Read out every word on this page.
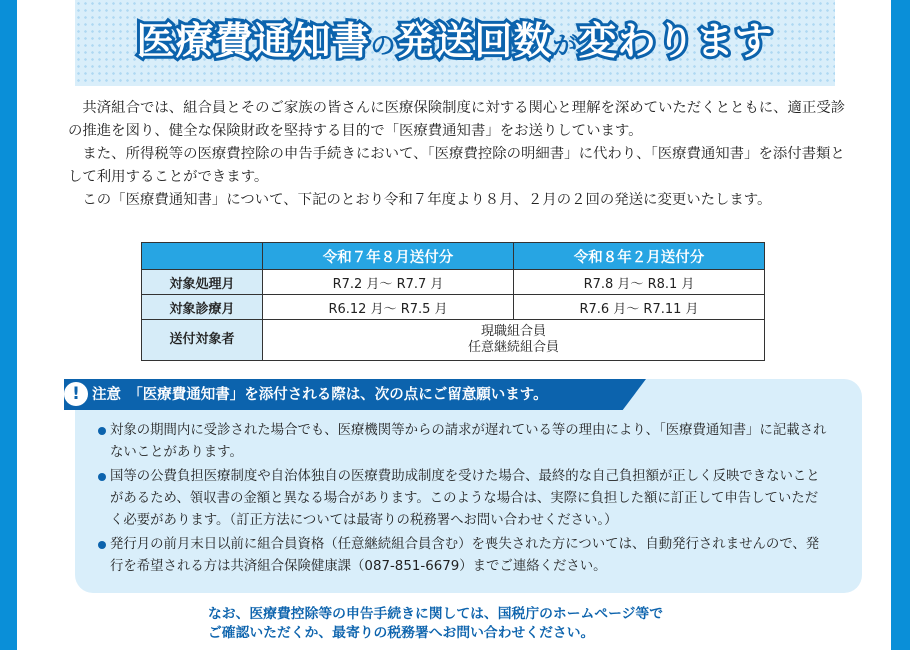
医療費通知書の発送回数が変わります

共済組合では、組合員とそのご家族の皆さんに医療保険制度に対する関心と理解を深めていただくとともに、適正受診の推進を図り、健全な保険財政を堅持する目的で「医療費通知書」をお送りしています。

また、所得税等の医療費控除の申告手続きにおいて、「医療費控除の明細書」に代わり、「医療費通知書」を添付書類として利用することができます。

この「医療費通知書」について、下記のとおり令和７年度より８月、２月の２回の発送に変更いたします。

	令和７年８月送付分	令和８年２月送付分
対象処理月	R7.2 月～ R7.7 月	R7.8 月～ R8.1 月
対象診療月	R6.12 月～ R7.5 月	R7.6 月～ R7.11 月
送付対象者	現職組合員
任意継続組合員	
! 注意　「医療費通知書」を添付される際は、次の点にご留意願います。
対象の期間内に受診された場合でも、医療機関等からの請求が遅れている等の理由により、「医療費通知書」に記載されないことがあります。
国等の公費負担医療制度や自治体独自の医療費助成制度を受けた場合、最終的な自己負担額が正しく反映できないことがあるため、領収書の金額と異なる場合があります。このような場合は、実際に負担した額に訂正して申告していただく必要があります。（訂正方法については最寄りの税務署へお問い合わせください。）
発行月の前月末日以前に組合員資格（任意継続組合員含む）を喪失された方については、自動発行されませんので、発行を希望される方は共済組合保険健康課（087-851-6679）までご連絡ください。
なお、医療費控除等の申告手続きに関しては、国税庁のホームページ等で
ご確認いただくか、最寄りの税務署へお問い合わせください。
